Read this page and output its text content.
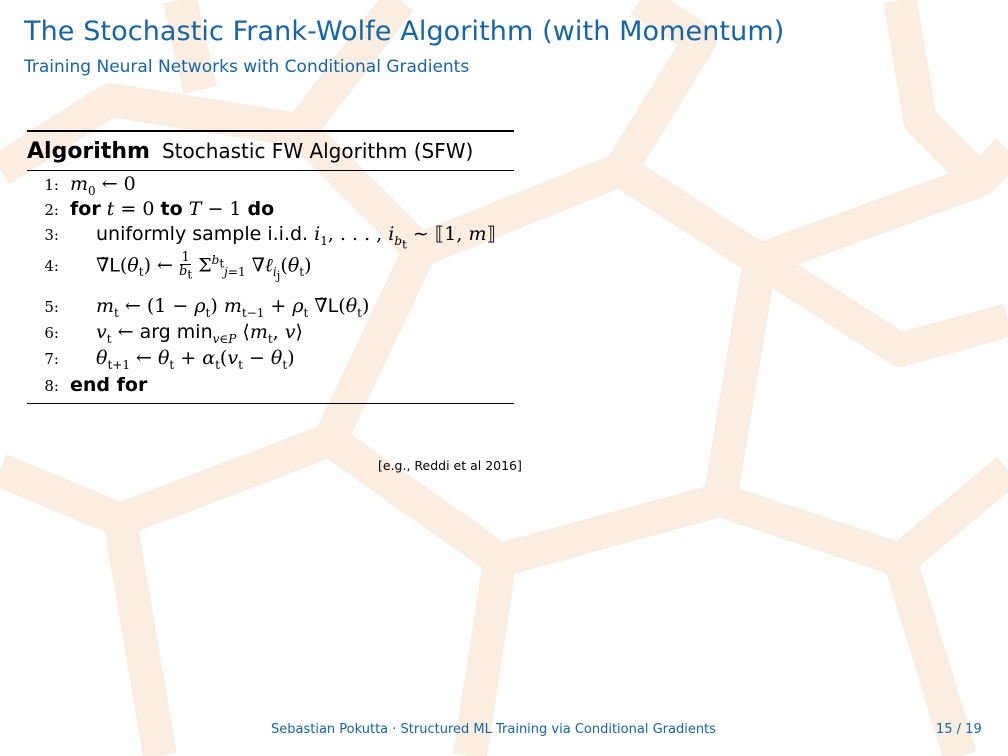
The Stochastic Frank-Wolfe Algorithm (with Momentum)
Training Neural Networks with Conditional Gradients
Algorithm Stochastic FW Algorithm (SFW)
1: $m_0$ ← 0
2: for t = 0 to T − 1 do
3: uniformly sample i.i.d. $i_1$, . . . , $i_{b_t}$ ∼ ⟦1, m⟧
4: $\nablãL(\theta_t)$ ← $\frac{1}{b_t} \Sigma^{b_t}_{j=1}$ $\nabla\ell_{i_j}(\theta_t)$
5: $m_t$ ← $(1 - \rho_t)$ $m_{t-1} + \rho_t$ $\nablãL(\theta_t)$
6: $v_t$ ← arg $\min_{v\in P}$ $⟨m_t$, v⟩
7: $\theta_{t+1}$ ← $\theta_t + \alpha_t(v_t - \theta_t)$
8: end for
[e.g., Reddi et al 2016]
Sebastian Pokutta · Structured ML Training via Conditional Gradients	15 / 19
